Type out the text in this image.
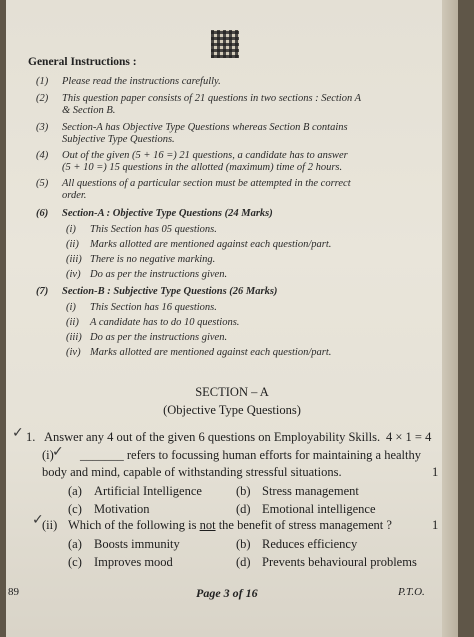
General Instructions :
(1) Please read the instructions carefully.
(2) This question paper consists of 21 questions in two sections : Section A
& Section B.
(3) Section-A has Objective Type Questions whereas Section B contains
Subjective Type Questions.
(4) Out of the given (5 + 16 =) 21 questions, a candidate has to answer
(5 + 10 =) 15 questions in the allotted (maximum) time of 2 hours.
(5) All questions of a particular section must be attempted in the correct
order.
(6) Section-A : Objective Type Questions (24 Marks)
(i) This Section has 05 questions.
(ii) Marks allotted are mentioned against each question/part.
(iii) There is no negative marking.
(iv) Do as per the instructions given.
(7) Section-B : Subjective Type Questions (26 Marks)
(i) This Section has 16 questions.
(ii) A candidate has to do 10 questions.
(iii) Do as per the instructions given.
(iv) Marks allotted are mentioned against each question/part.
SECTION – A
(Objective Type Questions)
✓ 1. Answer any 4 out of the given 6 questions on Employability Skills. 4 × 1 = 4
✓
(i) _______ refers to focussing human efforts for maintaining a healthy
body and mind, capable of withstanding stressful situations.	1
(a) Artificial Intelligence	(b) Stress management
(c) Motivation	(d) Emotional intelligence
✓
(ii) Which of the following is not the benefit of stress management ?	1
(a) Boosts immunity	(b) Reduces efficiency
(c) Improves mood	(d) Prevents behavioural problems
89	Page 3 of 16	P.T.O.
